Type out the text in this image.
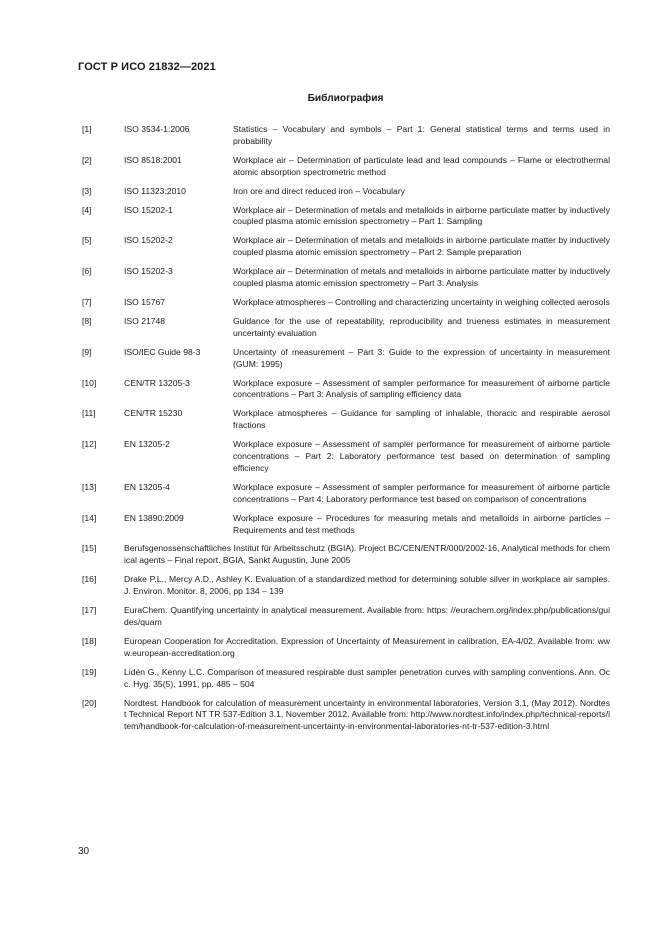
ГОСТ Р ИСО 21832—2021
Библиография
[1]	ISO 3534-1:2006	Statistics – Vocabulary and symbols – Part 1: General statistical terms and terms used in probability
[2]	ISO 8518:2001	Workplace air – Determination of particulate lead and lead compounds – Flame or electrothermal atomic absorption spectrometric method
[3]	ISO 11323:2010	Iron ore and direct reduced iron – Vocabulary
[4]	ISO 15202-1	Workplace air – Determination of metals and metalloids in airborne particulate matter by inductively coupled plasma atomic emission spectrometry – Part 1: Sampling
[5]	ISO 15202-2	Workplace air – Determination of metals and metalloids in airborne particulate matter by inductively coupled plasma atomic emission spectrometry – Part 2: Sample preparation
[6]	ISO 15202-3	Workplace air – Determination of metals and metalloids in airborne particulate matter by inductively coupled plasma atomic emission spectrometry – Part 3: Analysis
[7]	ISO 15767	Workplace atmospheres – Controlling and characterizing uncertainty in weighing collected aerosols
[8]	ISO 21748	Guidance for the use of repeatability, reproducibility and trueness estimates in measurement uncertainty evaluation
[9]	ISO/IEC Guide 98-3	Uncertainty of measurement – Part 3: Guide to the expression of uncertainty in measurement (GUM: 1995)
[10]	CEN/TR 13205-3	Workplace exposure – Assessment of sampler performance for measurement of airborne particle concentrations – Part 3: Analysis of sampling efficiency data
[11]	CEN/TR 15230	Workplace atmospheres – Guidance for sampling of inhalable, thoracic and respirable aerosol fractions
[12]	EN 13205-2	Workplace exposure – Assessment of sampler performance for measurement of airborne particle concentrations – Part 2: Laboratory performance test based on determination of sampling efficiency
[13]	EN 13205-4	Workplace exposure – Assessment of sampler performance for measurement of airborne particle concentrations – Part 4: Laboratory performance test based on comparison of concentrations
[14]	EN 13890:2009	Workplace exposure – Procedures for measuring metals and metalloids in airborne particles – Requirements and test methods
[15]	Berufsgenossenschaftliches Institut für Arbeitsschutz (BGIA). Project BC/CEN/ENTR/000/2002-16, Analytical methods for chemical agents – Final report. BGIA, Sankt Augustin, June 2005
[16]	Drake P.L., Mercy A.D., Ashley K. Evaluation of a standardized method for determining soluble silver in workplace air samples. J. Environ. Monitor. 8, 2006, pp 134 – 139
[17]	EuraChem. Quantifying uncertainty in analytical measurement. Available from: https: //eurachem.org/index.php/publications/guides/quam
[18]	European Cooperation for Accreditation. Expression of Uncertainty of Measurement in calibration, EA-4/02. Available from: www.european-accreditation.org
[19]	Lidén G., Kenny L.C. Comparison of measured respirable dust sampler penetration curves with sampling conventions. Ann. Occ. Hyg. 35(5), 1991, pp. 485 – 504
[20]	Nordtest. Handbook for calculation of measurement uncertainty in environmental laboratories, Version 3.1, (May 2012). Nordtest Technical Report NT TR 537-Edition 3.1, November 2012. Available from: http://www.nordtest.info/index.php/technical-reports/item/handbook-for-calculation-of-measurement-uncertainty-in-environmental-laboratories-nt-tr-537-edition-3.html
30
